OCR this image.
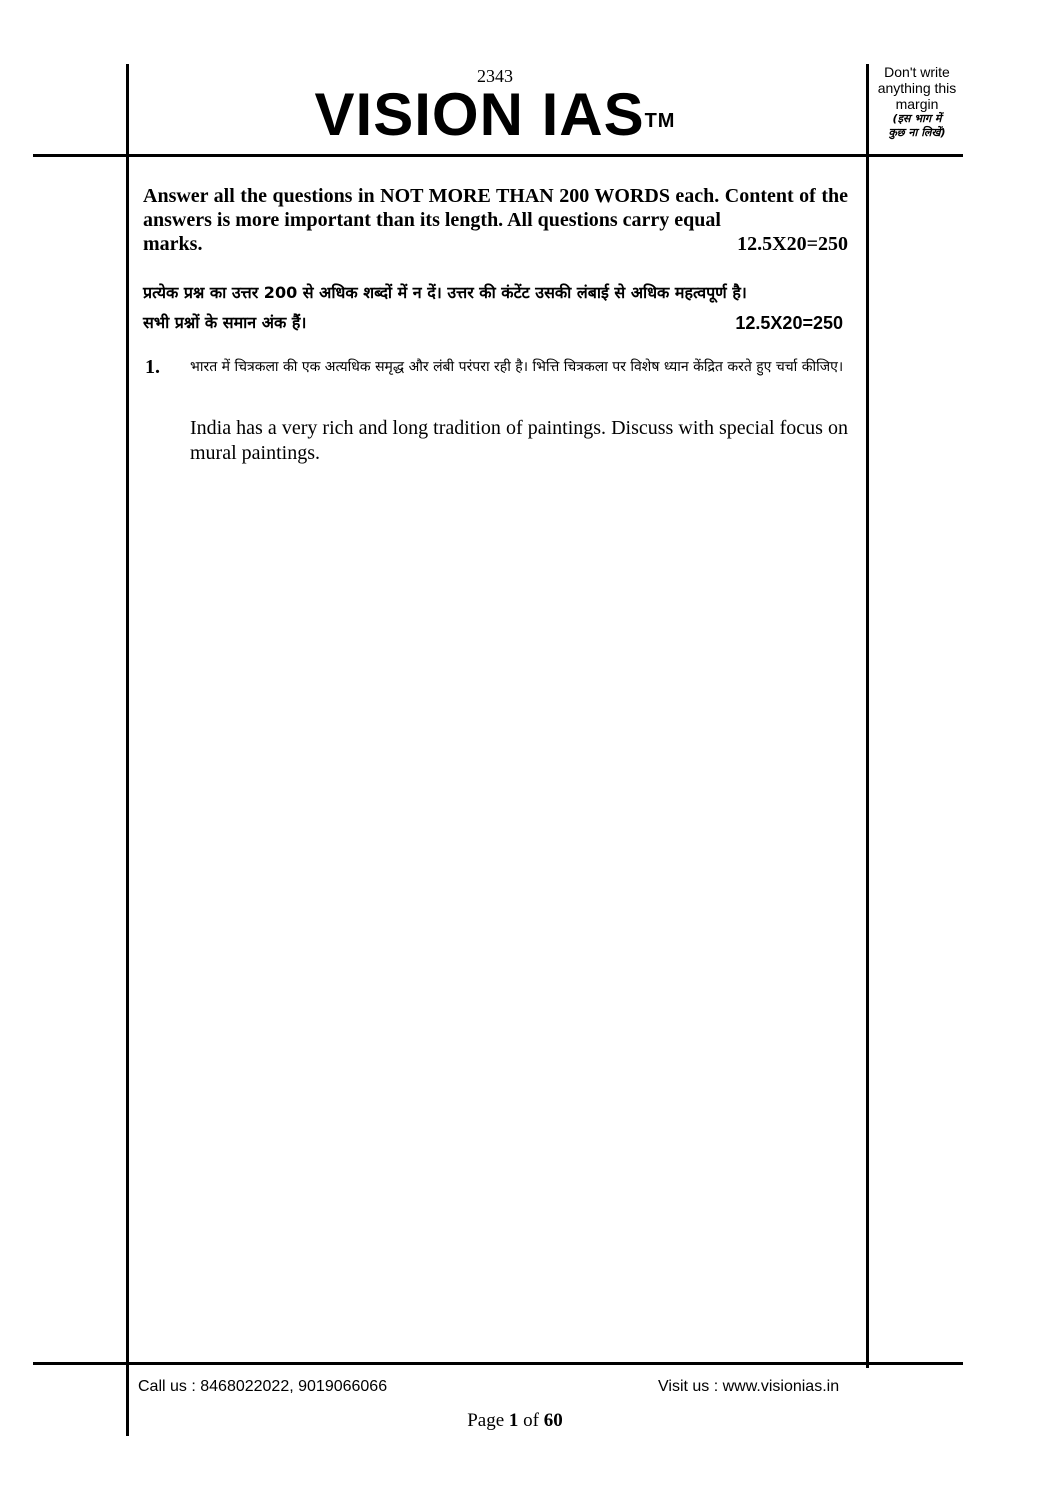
2343
VISION IAS™
Don't write
anything this
margin
(इस भाग में
कुछ ना लिखें)
Answer all the questions in NOT MORE THAN 200 WORDS each. Content of the answers is more important than its length. All questions carry equal
marks.	12.5X20=250
प्रत्येक प्रश्न का उत्तर 200 से अधिक शब्दों में न दें। उत्तर की कंटेंट उसकी लंबाई से अधिक महत्वपूर्ण है।
सभी प्रश्नों के समान अंक हैं।	12.5X20=250
1. भारत में चित्रकला की एक अत्यधिक समृद्ध और लंबी परंपरा रही है। भित्ति चित्रकला पर विशेष ध्यान केंद्रित करते हुए चर्चा कीजिए।
India has a very rich and long tradition of paintings. Discuss with special focus on mural paintings.
Call us : 8468022022, 9019066066	Visit us : www.visionias.in
Page 1 of 60
